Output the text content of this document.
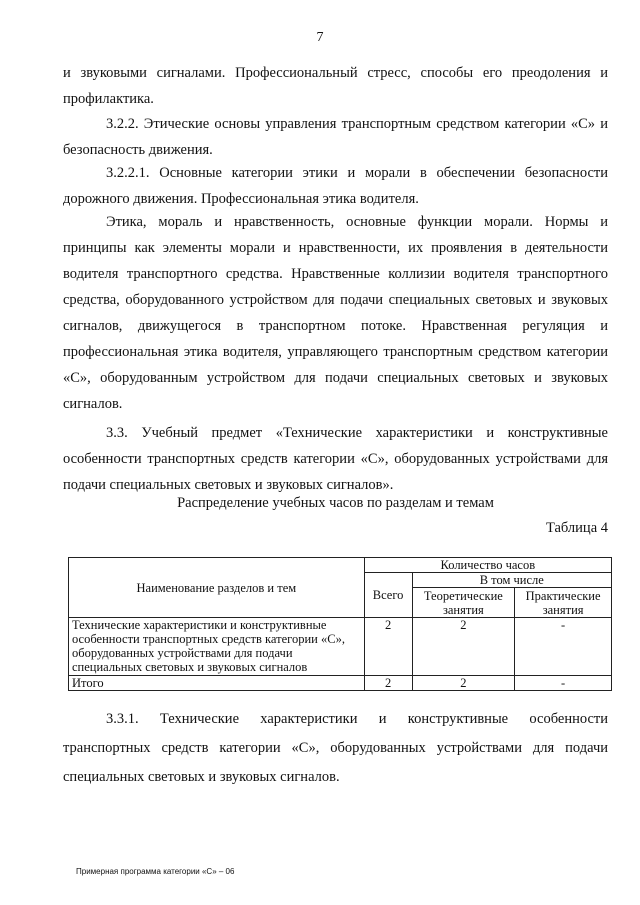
7

и звуковыми сигналами. Профессиональный стресс, способы его преодоления и профилактика.

3.2.2. Этические основы управления транспортным средством категории «С» и безопасность движения.

3.2.2.1. Основные категории этики и морали в обеспечении безопасности дорожного движения. Профессиональная этика водителя.

Этика, мораль и нравственность, основные функции морали. Нормы и принципы как элементы морали и нравственности, их проявления в деятельности водителя транспортного средства. Нравственные коллизии водителя транспортного средства, оборудованного устройством для подачи специальных световых и звуковых сигналов, движущегося в транспортном потоке. Нравственная регуляция и профессиональная этика водителя, управляющего транспортным средством категории «С», оборудованным устройством для подачи специальных световых и звуковых сигналов.

3.3. Учебный предмет «Технические характеристики и конструктивные особенности транспортных средств категории «С», оборудованных устройствами для подачи специальных световых и звуковых сигналов».

Распределение учебных часов по разделам и темам
Таблица 4
Наименование разделов и тем	Количество часов		
	Всего	В том числе	
		Теоретические занятия	Практические занятия
Технические характеристики и конструктивные особенности транспортных средств категории «С», оборудованных устройствами для подачи специальных световых и звуковых сигналов	2	2	-
Итого	2	2	-

3.3.1. Технические характеристики и конструктивные особенности транспортных средств категории «С», оборудованных устройствами для подачи специальных световых и звуковых сигналов.

Примерная программа категории «С» – 06
